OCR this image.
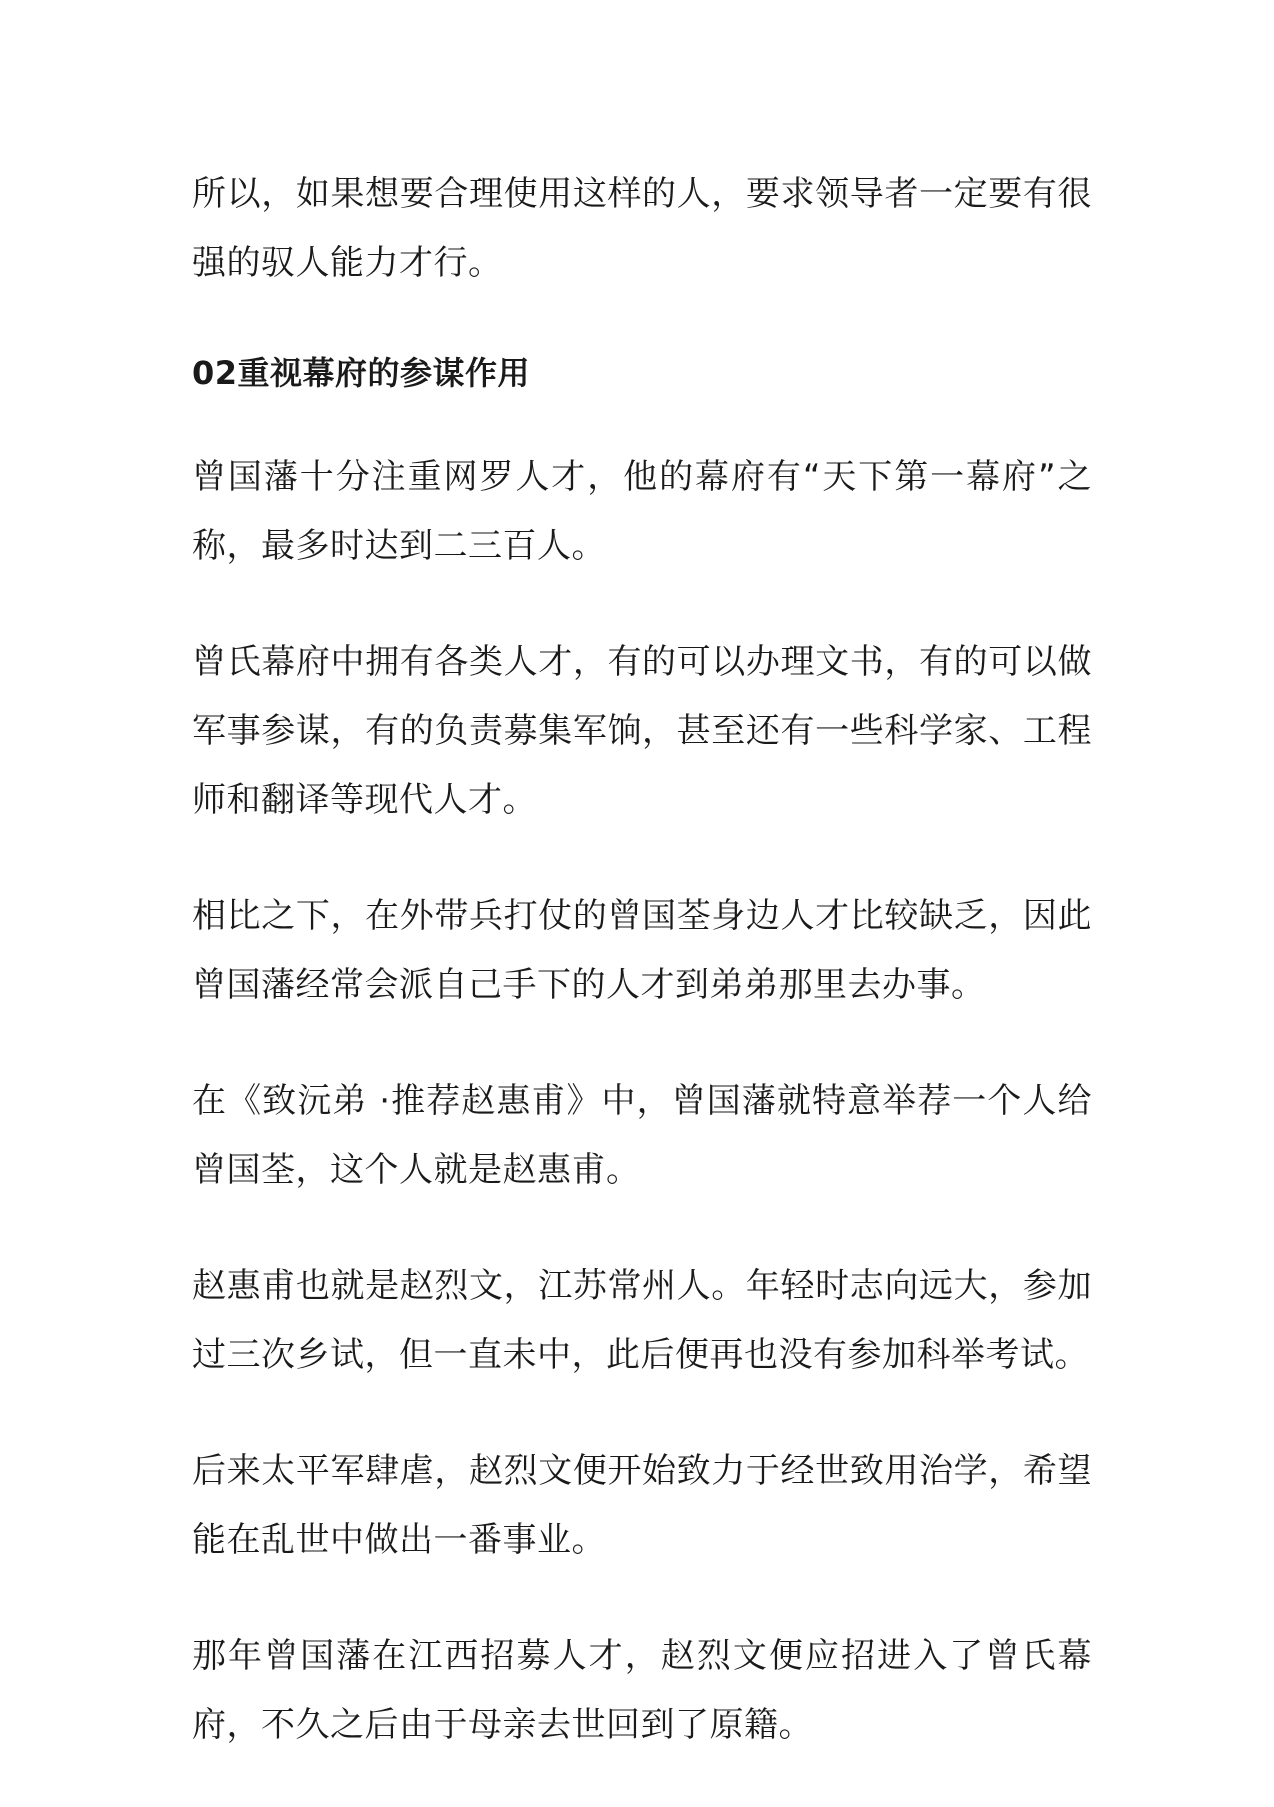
所以，如果想要合理使用这样的人，要求领导者一定要有很强的驭人能力才行。

02重视幕府的参谋作用

曾国藩十分注重网罗人才，他的幕府有“天下第一幕府”之称，最多时达到二三百人。

曾氏幕府中拥有各类人才，有的可以办理文书，有的可以做军事参谋，有的负责募集军饷，甚至还有一些科学家、工程师和翻译等现代人才。

相比之下，在外带兵打仗的曾国荃身边人才比较缺乏，因此曾国藩经常会派自己手下的人才到弟弟那里去办事。

在《致沅弟 ·推荐赵惠甫》中，曾国藩就特意举荐一个人给曾国荃，这个人就是赵惠甫。

赵惠甫也就是赵烈文，江苏常州人。年轻时志向远大，参加过三次乡试，但一直未中，此后便再也没有参加科举考试。

后来太平军肆虐，赵烈文便开始致力于经世致用治学，希望能在乱世中做出一番事业。

那年曾国藩在江西招募人才，赵烈文便应招进入了曾氏幕府，不久之后由于母亲去世回到了原籍。
